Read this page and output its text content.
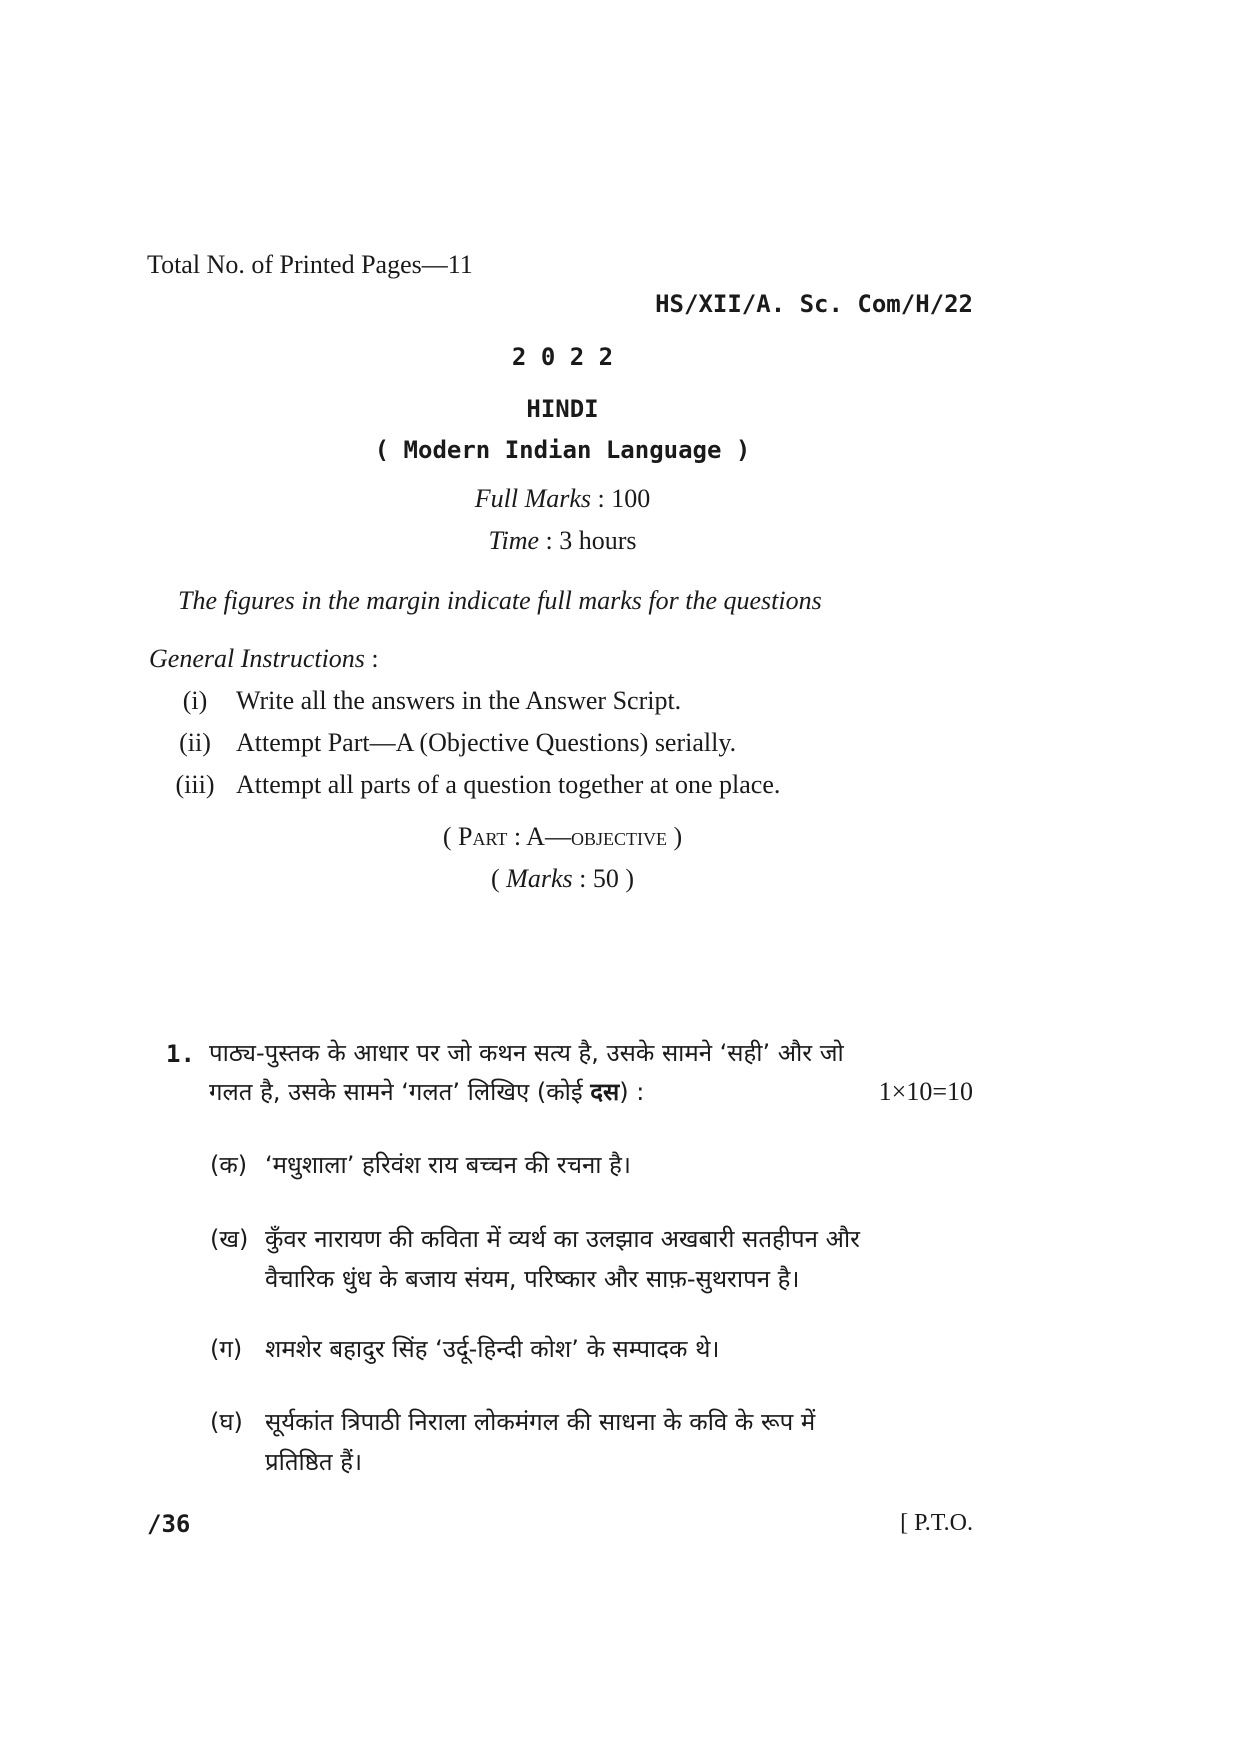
Total No. of Printed Pages—11
HS/XII/A. Sc. Com/H/22
2 0 2 2
HINDI
( Modern Indian Language )
Full Marks : 100
Time : 3 hours
The figures in the margin indicate full marks for the questions
General Instructions :
(i)	Write all the answers in the Answer Script.
(ii) Attempt Part—A (Objective Questions) serially.
(iii) Attempt all parts of a question together at one place.
( Part : A—objective )
( Marks : 50 )
1. पाठ्य-पुस्तक के आधार पर जो कथन सत्य है, उसके सामने ‘सही’ और जो
गलत है, उसके सामने ‘गलत’ लिखिए (कोई दस) :	1×10=10
(क) ‘मधुशाला’ हरिवंश राय बच्चन की रचना है।
(ख) कुँवर नारायण की कविता में व्यर्थ का उलझाव अखबारी सतहीपन और
वैचारिक धुंध के बजाय संयम, परिष्कार और साफ़-सुथरापन है।
(ग) शमशेर बहादुर सिंह ‘उर्दू-हिन्दी कोश’ के सम्पादक थे।
(घ) सूर्यकांत त्रिपाठी निराला लोकमंगल की साधना के कवि के रूप में
प्रतिष्ठित हैं।
/36	[ P.T.O.
